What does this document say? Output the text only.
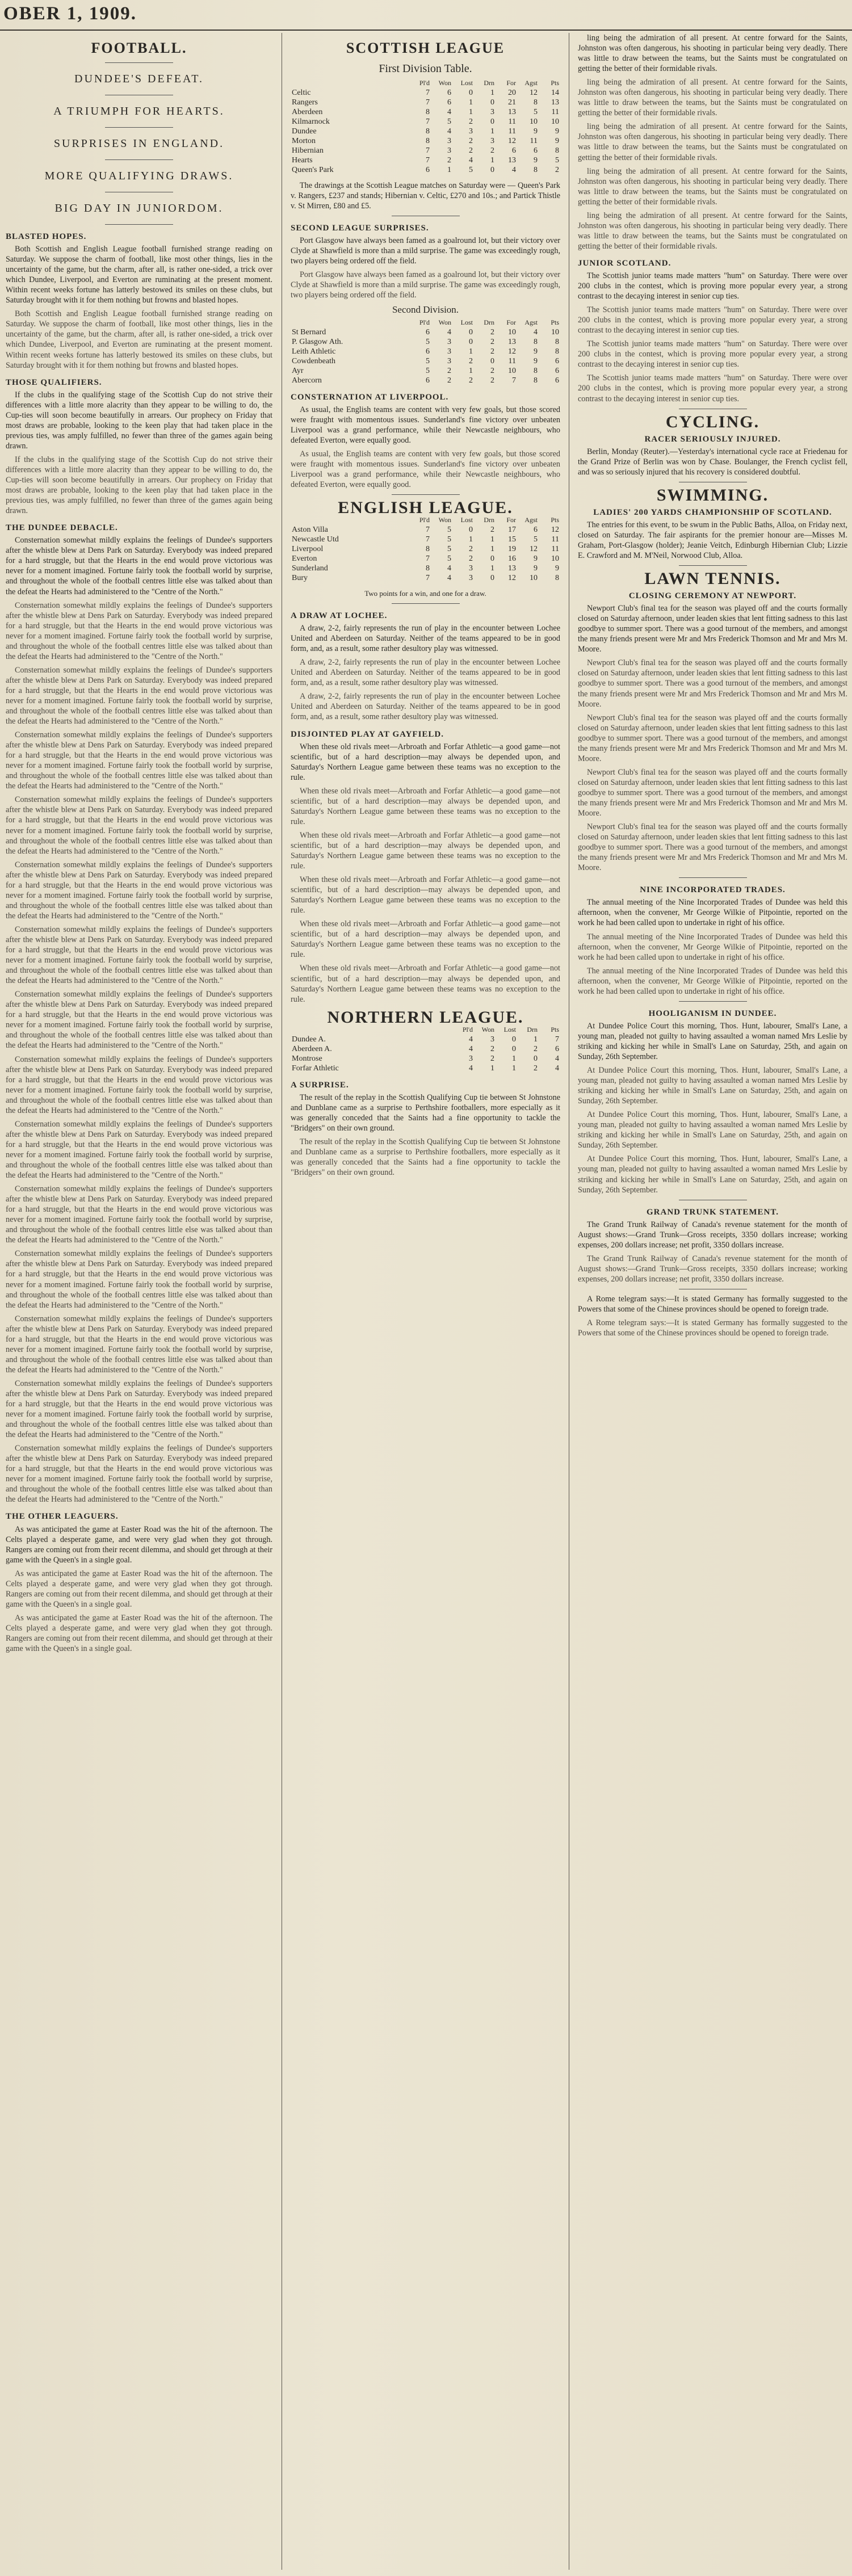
OBER 1, 1909.
FOOTBALL.
DUNDEE'S DEFEAT.
A TRIUMPH FOR HEARTS.
SURPRISES IN ENGLAND.
MORE QUALIFYING DRAWS.
BIG DAY IN JUNIORDOM.
BLASTED HOPES.

Both Scottish and English League football furnished strange reading on Saturday. We suppose the charm of football, like most other things, lies in the uncertainty of the game, but the charm, after all, is rather one-sided, a trick over which Dundee, Liverpool, and Everton are ruminating at the present moment. Within recent weeks fortune has latterly bestowed its smiles on these clubs, but Saturday brought with it for them nothing but frowns and blasted hopes.

Both Scottish and English League football furnished strange reading on Saturday. We suppose the charm of football, like most other things, lies in the uncertainty of the game, but the charm, after all, is rather one-sided, a trick over which Dundee, Liverpool, and Everton are ruminating at the present moment. Within recent weeks fortune has latterly bestowed its smiles on these clubs, but Saturday brought with it for them nothing but frowns and blasted hopes.

THOSE QUALIFIERS.

If the clubs in the qualifying stage of the Scottish Cup do not strive their differences with a little more alacrity than they appear to be willing to do, the Cup-ties will soon become beautifully in arrears. Our prophecy on Friday that most draws are probable, looking to the keen play that had taken place in the previous ties, was amply fulfilled, no fewer than three of the games again being drawn.

If the clubs in the qualifying stage of the Scottish Cup do not strive their differences with a little more alacrity than they appear to be willing to do, the Cup-ties will soon become beautifully in arrears. Our prophecy on Friday that most draws are probable, looking to the keen play that had taken place in the previous ties, was amply fulfilled, no fewer than three of the games again being drawn.

THE DUNDEE DEBACLE.

Consternation somewhat mildly explains the feelings of Dundee's supporters after the whistle blew at Dens Park on Saturday. Everybody was indeed prepared for a hard struggle, but that the Hearts in the end would prove victorious was never for a moment imagined. Fortune fairly took the football world by surprise, and throughout the whole of the football centres little else was talked about than the defeat the Hearts had administered to the "Centre of the North."

Consternation somewhat mildly explains the feelings of Dundee's supporters after the whistle blew at Dens Park on Saturday. Everybody was indeed prepared for a hard struggle, but that the Hearts in the end would prove victorious was never for a moment imagined. Fortune fairly took the football world by surprise, and throughout the whole of the football centres little else was talked about than the defeat the Hearts had administered to the "Centre of the North."

Consternation somewhat mildly explains the feelings of Dundee's supporters after the whistle blew at Dens Park on Saturday. Everybody was indeed prepared for a hard struggle, but that the Hearts in the end would prove victorious was never for a moment imagined. Fortune fairly took the football world by surprise, and throughout the whole of the football centres little else was talked about than the defeat the Hearts had administered to the "Centre of the North."

Consternation somewhat mildly explains the feelings of Dundee's supporters after the whistle blew at Dens Park on Saturday. Everybody was indeed prepared for a hard struggle, but that the Hearts in the end would prove victorious was never for a moment imagined. Fortune fairly took the football world by surprise, and throughout the whole of the football centres little else was talked about than the defeat the Hearts had administered to the "Centre of the North."

Consternation somewhat mildly explains the feelings of Dundee's supporters after the whistle blew at Dens Park on Saturday. Everybody was indeed prepared for a hard struggle, but that the Hearts in the end would prove victorious was never for a moment imagined. Fortune fairly took the football world by surprise, and throughout the whole of the football centres little else was talked about than the defeat the Hearts had administered to the "Centre of the North."

Consternation somewhat mildly explains the feelings of Dundee's supporters after the whistle blew at Dens Park on Saturday. Everybody was indeed prepared for a hard struggle, but that the Hearts in the end would prove victorious was never for a moment imagined. Fortune fairly took the football world by surprise, and throughout the whole of the football centres little else was talked about than the defeat the Hearts had administered to the "Centre of the North."

Consternation somewhat mildly explains the feelings of Dundee's supporters after the whistle blew at Dens Park on Saturday. Everybody was indeed prepared for a hard struggle, but that the Hearts in the end would prove victorious was never for a moment imagined. Fortune fairly took the football world by surprise, and throughout the whole of the football centres little else was talked about than the defeat the Hearts had administered to the "Centre of the North."

Consternation somewhat mildly explains the feelings of Dundee's supporters after the whistle blew at Dens Park on Saturday. Everybody was indeed prepared for a hard struggle, but that the Hearts in the end would prove victorious was never for a moment imagined. Fortune fairly took the football world by surprise, and throughout the whole of the football centres little else was talked about than the defeat the Hearts had administered to the "Centre of the North."

Consternation somewhat mildly explains the feelings of Dundee's supporters after the whistle blew at Dens Park on Saturday. Everybody was indeed prepared for a hard struggle, but that the Hearts in the end would prove victorious was never for a moment imagined. Fortune fairly took the football world by surprise, and throughout the whole of the football centres little else was talked about than the defeat the Hearts had administered to the "Centre of the North."

Consternation somewhat mildly explains the feelings of Dundee's supporters after the whistle blew at Dens Park on Saturday. Everybody was indeed prepared for a hard struggle, but that the Hearts in the end would prove victorious was never for a moment imagined. Fortune fairly took the football world by surprise, and throughout the whole of the football centres little else was talked about than the defeat the Hearts had administered to the "Centre of the North."

Consternation somewhat mildly explains the feelings of Dundee's supporters after the whistle blew at Dens Park on Saturday. Everybody was indeed prepared for a hard struggle, but that the Hearts in the end would prove victorious was never for a moment imagined. Fortune fairly took the football world by surprise, and throughout the whole of the football centres little else was talked about than the defeat the Hearts had administered to the "Centre of the North."

Consternation somewhat mildly explains the feelings of Dundee's supporters after the whistle blew at Dens Park on Saturday. Everybody was indeed prepared for a hard struggle, but that the Hearts in the end would prove victorious was never for a moment imagined. Fortune fairly took the football world by surprise, and throughout the whole of the football centres little else was talked about than the defeat the Hearts had administered to the "Centre of the North."

Consternation somewhat mildly explains the feelings of Dundee's supporters after the whistle blew at Dens Park on Saturday. Everybody was indeed prepared for a hard struggle, but that the Hearts in the end would prove victorious was never for a moment imagined. Fortune fairly took the football world by surprise, and throughout the whole of the football centres little else was talked about than the defeat the Hearts had administered to the "Centre of the North."

Consternation somewhat mildly explains the feelings of Dundee's supporters after the whistle blew at Dens Park on Saturday. Everybody was indeed prepared for a hard struggle, but that the Hearts in the end would prove victorious was never for a moment imagined. Fortune fairly took the football world by surprise, and throughout the whole of the football centres little else was talked about than the defeat the Hearts had administered to the "Centre of the North."

Consternation somewhat mildly explains the feelings of Dundee's supporters after the whistle blew at Dens Park on Saturday. Everybody was indeed prepared for a hard struggle, but that the Hearts in the end would prove victorious was never for a moment imagined. Fortune fairly took the football world by surprise, and throughout the whole of the football centres little else was talked about than the defeat the Hearts had administered to the "Centre of the North."

THE OTHER LEAGUERS.

As was anticipated the game at Easter Road was the hit of the afternoon. The Celts played a desperate game, and were very glad when they got through. Rangers are coming out from their recent dilemma, and should get through at their game with the Queen's in a single goal.

As was anticipated the game at Easter Road was the hit of the afternoon. The Celts played a desperate game, and were very glad when they got through. Rangers are coming out from their recent dilemma, and should get through at their game with the Queen's in a single goal.

As was anticipated the game at Easter Road was the hit of the afternoon. The Celts played a desperate game, and were very glad when they got through. Rangers are coming out from their recent dilemma, and should get through at their game with the Queen's in a single goal.

SCOTTISH LEAGUE
First Division Table.
	Pl'd	Won	Lost	Drn	For	Agst	Pts
Celtic	7	6	0	1	20	12	14
Rangers	7	6	1	0	21	8	13
Aberdeen	8	4	1	3	13	5	11
Kilmarnock	7	5	2	0	11	10	10
Dundee	8	4	3	1	11	9	9
Morton	8	3	2	3	12	11	9
Hibernian	7	3	2	2	6	6	8
Hearts	7	2	4	1	13	9	5
Queen's Park	6	1	5	0	4	8	2

The drawings at the Scottish League matches on Saturday were — Queen's Park v. Rangers, £237 and stands; Hibernian v. Celtic, £270 and 10s.; and Partick Thistle v. St Mirren, £80 and £5.

SECOND LEAGUE SURPRISES.

Port Glasgow have always been famed as a goalround lot, but their victory over Clyde at Shawfield is more than a mild surprise. The game was exceedingly rough, two players being ordered off the field.

Port Glasgow have always been famed as a goalround lot, but their victory over Clyde at Shawfield is more than a mild surprise. The game was exceedingly rough, two players being ordered off the field.

Second Division.
	Pl'd	Won	Lost	Drn	For	Agst	Pts
St Bernard	6	4	0	2	10	4	10
P. Glasgow Ath.	5	3	0	2	13	8	8
Leith Athletic	6	3	1	2	12	9	8
Cowdenbeath	5	3	2	0	11	9	6
Ayr	5	2	1	2	10	8	6
Abercorn	6	2	2	2	7	8	6
CONSTERNATION AT LIVERPOOL.

As usual, the English teams are content with very few goals, but those scored were fraught with momentous issues. Sunderland's fine victory over unbeaten Liverpool was a grand performance, while their Newcastle neighbours, who defeated Everton, were equally good.

As usual, the English teams are content with very few goals, but those scored were fraught with momentous issues. Sunderland's fine victory over unbeaten Liverpool was a grand performance, while their Newcastle neighbours, who defeated Everton, were equally good.

ENGLISH LEAGUE.
	Pl'd	Won	Lost	Drn	For	Agst	Pts
Aston Villa	7	5	0	2	17	6	12
Newcastle Utd	7	5	1	1	15	5	11
Liverpool	8	5	2	1	19	12	11
Everton	7	5	2	0	16	9	10
Sunderland	8	4	3	1	13	9	9
Bury	7	4	3	0	12	10	8
Two points for a win, and one for a draw.
A DRAW AT LOCHEE.

A draw, 2-2, fairly represents the run of play in the encounter between Lochee United and Aberdeen on Saturday. Neither of the teams appeared to be in good form, and, as a result, some rather desultory play was witnessed.

A draw, 2-2, fairly represents the run of play in the encounter between Lochee United and Aberdeen on Saturday. Neither of the teams appeared to be in good form, and, as a result, some rather desultory play was witnessed.

A draw, 2-2, fairly represents the run of play in the encounter between Lochee United and Aberdeen on Saturday. Neither of the teams appeared to be in good form, and, as a result, some rather desultory play was witnessed.

DISJOINTED PLAY AT GAYFIELD.

When these old rivals meet—Arbroath and Forfar Athletic—a good game—not scientific, but of a hard description—may always be depended upon, and Saturday's Northern League game between these teams was no exception to the rule.

When these old rivals meet—Arbroath and Forfar Athletic—a good game—not scientific, but of a hard description—may always be depended upon, and Saturday's Northern League game between these teams was no exception to the rule.

When these old rivals meet—Arbroath and Forfar Athletic—a good game—not scientific, but of a hard description—may always be depended upon, and Saturday's Northern League game between these teams was no exception to the rule.

When these old rivals meet—Arbroath and Forfar Athletic—a good game—not scientific, but of a hard description—may always be depended upon, and Saturday's Northern League game between these teams was no exception to the rule.

When these old rivals meet—Arbroath and Forfar Athletic—a good game—not scientific, but of a hard description—may always be depended upon, and Saturday's Northern League game between these teams was no exception to the rule.

When these old rivals meet—Arbroath and Forfar Athletic—a good game—not scientific, but of a hard description—may always be depended upon, and Saturday's Northern League game between these teams was no exception to the rule.

NORTHERN LEAGUE.
	Pl'd	Won	Lost	Drn	Pts
Dundee A.	4	3	0	1	7
Aberdeen A.	4	2	0	2	6
Montrose	3	2	1	0	4
Forfar Athletic	4	1	1	2	4
A SURPRISE.

The result of the replay in the Scottish Qualifying Cup tie between St Johnstone and Dunblane came as a surprise to Perthshire footballers, more especially as it was generally conceded that the Saints had a fine opportunity to tackle the "Bridgers" on their own ground.

The result of the replay in the Scottish Qualifying Cup tie between St Johnstone and Dunblane came as a surprise to Perthshire footballers, more especially as it was generally conceded that the Saints had a fine opportunity to tackle the "Bridgers" on their own ground.

ling being the admiration of all present. At centre forward for the Saints, Johnston was often dangerous, his shooting in particular being very deadly. There was little to draw between the teams, but the Saints must be congratulated on getting the better of their formidable rivals.

ling being the admiration of all present. At centre forward for the Saints, Johnston was often dangerous, his shooting in particular being very deadly. There was little to draw between the teams, but the Saints must be congratulated on getting the better of their formidable rivals.

ling being the admiration of all present. At centre forward for the Saints, Johnston was often dangerous, his shooting in particular being very deadly. There was little to draw between the teams, but the Saints must be congratulated on getting the better of their formidable rivals.

ling being the admiration of all present. At centre forward for the Saints, Johnston was often dangerous, his shooting in particular being very deadly. There was little to draw between the teams, but the Saints must be congratulated on getting the better of their formidable rivals.

ling being the admiration of all present. At centre forward for the Saints, Johnston was often dangerous, his shooting in particular being very deadly. There was little to draw between the teams, but the Saints must be congratulated on getting the better of their formidable rivals.

JUNIOR SCOTLAND.

The Scottish junior teams made matters "hum" on Saturday. There were over 200 clubs in the contest, which is proving more popular every year, a strong contrast to the decaying interest in senior cup ties.

The Scottish junior teams made matters "hum" on Saturday. There were over 200 clubs in the contest, which is proving more popular every year, a strong contrast to the decaying interest in senior cup ties.

The Scottish junior teams made matters "hum" on Saturday. There were over 200 clubs in the contest, which is proving more popular every year, a strong contrast to the decaying interest in senior cup ties.

The Scottish junior teams made matters "hum" on Saturday. There were over 200 clubs in the contest, which is proving more popular every year, a strong contrast to the decaying interest in senior cup ties.

CYCLING.
RACER SERIOUSLY INJURED.

Berlin, Monday (Reuter).—Yesterday's international cycle race at Friedenau for the Grand Prize of Berlin was won by Chase. Boulanger, the French cyclist fell, and was so seriously injured that his recovery is considered doubtful.

SWIMMING.
LADIES' 200 YARDS CHAMPIONSHIP OF SCOTLAND.

The entries for this event, to be swum in the Public Baths, Alloa, on Friday next, closed on Saturday. The fair aspirants for the premier honour are—Misses M. Graham, Port-Glasgow (holder); Jeanie Veitch, Edinburgh Hibernian Club; Lizzie E. Crawford and M. M'Neil, Norwood Club, Alloa.

LAWN TENNIS.
CLOSING CEREMONY AT NEWPORT.

Newport Club's final tea for the season was played off and the courts formally closed on Saturday afternoon, under leaden skies that lent fitting sadness to this last goodbye to summer sport. There was a good turnout of the members, and amongst the many friends present were Mr and Mrs Frederick Thomson and Mr and Mrs M. Moore.

Newport Club's final tea for the season was played off and the courts formally closed on Saturday afternoon, under leaden skies that lent fitting sadness to this last goodbye to summer sport. There was a good turnout of the members, and amongst the many friends present were Mr and Mrs Frederick Thomson and Mr and Mrs M. Moore.

Newport Club's final tea for the season was played off and the courts formally closed on Saturday afternoon, under leaden skies that lent fitting sadness to this last goodbye to summer sport. There was a good turnout of the members, and amongst the many friends present were Mr and Mrs Frederick Thomson and Mr and Mrs M. Moore.

Newport Club's final tea for the season was played off and the courts formally closed on Saturday afternoon, under leaden skies that lent fitting sadness to this last goodbye to summer sport. There was a good turnout of the members, and amongst the many friends present were Mr and Mrs Frederick Thomson and Mr and Mrs M. Moore.

Newport Club's final tea for the season was played off and the courts formally closed on Saturday afternoon, under leaden skies that lent fitting sadness to this last goodbye to summer sport. There was a good turnout of the members, and amongst the many friends present were Mr and Mrs Frederick Thomson and Mr and Mrs M. Moore.

NINE INCORPORATED TRADES.

The annual meeting of the Nine Incorporated Trades of Dundee was held this afternoon, when the convener, Mr George Wilkie of Pitpointie, reported on the work he had been called upon to undertake in right of his office.

The annual meeting of the Nine Incorporated Trades of Dundee was held this afternoon, when the convener, Mr George Wilkie of Pitpointie, reported on the work he had been called upon to undertake in right of his office.

The annual meeting of the Nine Incorporated Trades of Dundee was held this afternoon, when the convener, Mr George Wilkie of Pitpointie, reported on the work he had been called upon to undertake in right of his office.

HOOLIGANISM IN DUNDEE.

At Dundee Police Court this morning, Thos. Hunt, labourer, Small's Lane, a young man, pleaded not guilty to having assaulted a woman named Mrs Leslie by striking and kicking her while in Small's Lane on Saturday, 25th, and again on Sunday, 26th September.

At Dundee Police Court this morning, Thos. Hunt, labourer, Small's Lane, a young man, pleaded not guilty to having assaulted a woman named Mrs Leslie by striking and kicking her while in Small's Lane on Saturday, 25th, and again on Sunday, 26th September.

At Dundee Police Court this morning, Thos. Hunt, labourer, Small's Lane, a young man, pleaded not guilty to having assaulted a woman named Mrs Leslie by striking and kicking her while in Small's Lane on Saturday, 25th, and again on Sunday, 26th September.

At Dundee Police Court this morning, Thos. Hunt, labourer, Small's Lane, a young man, pleaded not guilty to having assaulted a woman named Mrs Leslie by striking and kicking her while in Small's Lane on Saturday, 25th, and again on Sunday, 26th September.

GRAND TRUNK STATEMENT.

The Grand Trunk Railway of Canada's revenue statement for the month of August shows:—Grand Trunk—Gross receipts, 3350 dollars increase; working expenses, 200 dollars increase; net profit, 3350 dollars increase.

The Grand Trunk Railway of Canada's revenue statement for the month of August shows:—Grand Trunk—Gross receipts, 3350 dollars increase; working expenses, 200 dollars increase; net profit, 3350 dollars increase.

A Rome telegram says:—It is stated Germany has formally suggested to the Powers that some of the Chinese provinces should be opened to foreign trade.

A Rome telegram says:—It is stated Germany has formally suggested to the Powers that some of the Chinese provinces should be opened to foreign trade.
